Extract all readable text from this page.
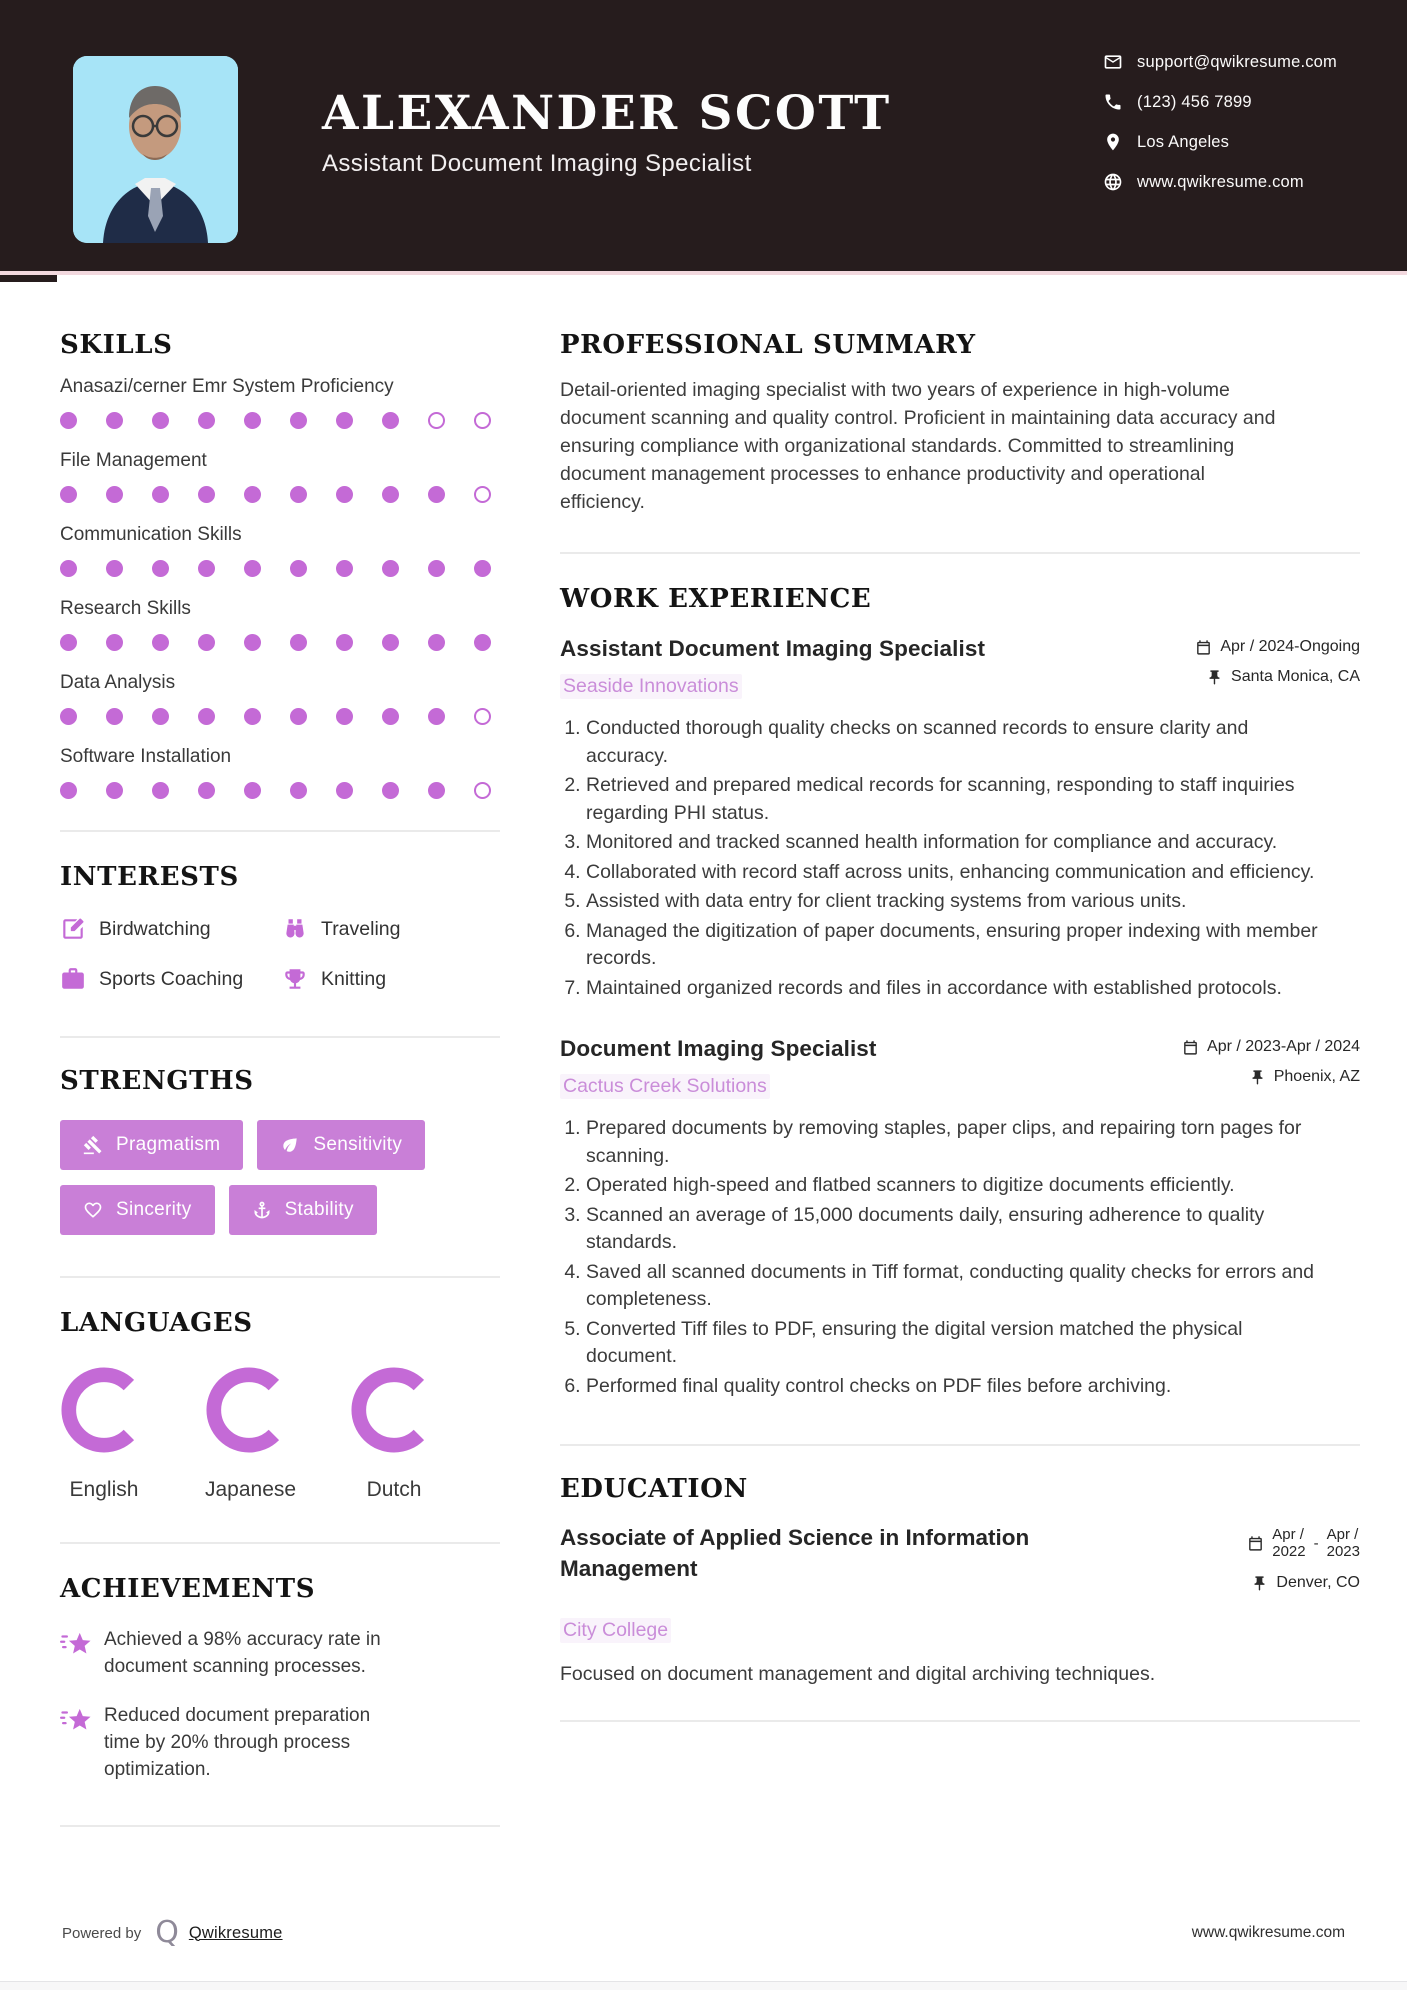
ALEXANDER SCOTT
Assistant Document Imaging Specialist
support@qwikresume.com
(123) 456 7899
Los Angeles
www.qwikresume.com
SKILLS
Anasazi/cerner Emr System Proficiency
File Management
Communication Skills
Research Skills
Data Analysis
Software Installation
INTERESTS
Birdwatching	Traveling
Sports Coaching	Knitting
STRENGTHS
Pragmatism	Sensitivity
Sincerity	Stability
LANGUAGES
English	Japanese	Dutch
ACHIEVEMENTS

Achieved a 98% accuracy rate in document scanning processes.

Reduced document preparation time by 20% through process optimization.

PROFESSIONAL SUMMARY

Detail-oriented imaging specialist with two years of experience in high-volume document scanning and quality control. Proficient in maintaining data accuracy and ensuring compliance with organizational standards. Committed to streamlining document management processes to enhance productivity and operational efficiency.

WORK EXPERIENCE
Assistant Document Imaging Specialist
Seaside Innovations
Apr / 2024-Ongoing
Santa Monica, CA
1. Conducted thorough quality checks on scanned records to ensure clarity and accuracy.
2. Retrieved and prepared medical records for scanning, responding to staff inquiries regarding PHI status.
3. Monitored and tracked scanned health information for compliance and accuracy.
4. Collaborated with record staff across units, enhancing communication and efficiency.
5. Assisted with data entry for client tracking systems from various units.
6. Managed the digitization of paper documents, ensuring proper indexing with member records.
7. Maintained organized records and files in accordance with established protocols.
Document Imaging Specialist
Cactus Creek Solutions
Apr / 2023-Apr / 2024
Phoenix, AZ
1. Prepared documents by removing staples, paper clips, and repairing torn pages for scanning.
2. Operated high-speed and flatbed scanners to digitize documents efficiently.
3. Scanned an average of 15,000 documents daily, ensuring adherence to quality standards.
4. Saved all scanned documents in Tiff format, conducting quality checks for errors and completeness.
5. Converted Tiff files to PDF, ensuring the digital version matched the physical document.
6. Performed final quality control checks on PDF files before archiving.
EDUCATION
Associate of Applied Science in Information Management
Apr /
2022 - Apr /
2023
Denver, CO
City College

Focused on document management and digital archiving techniques.

Powered by Q Qwikresume	www.qwikresume.com
